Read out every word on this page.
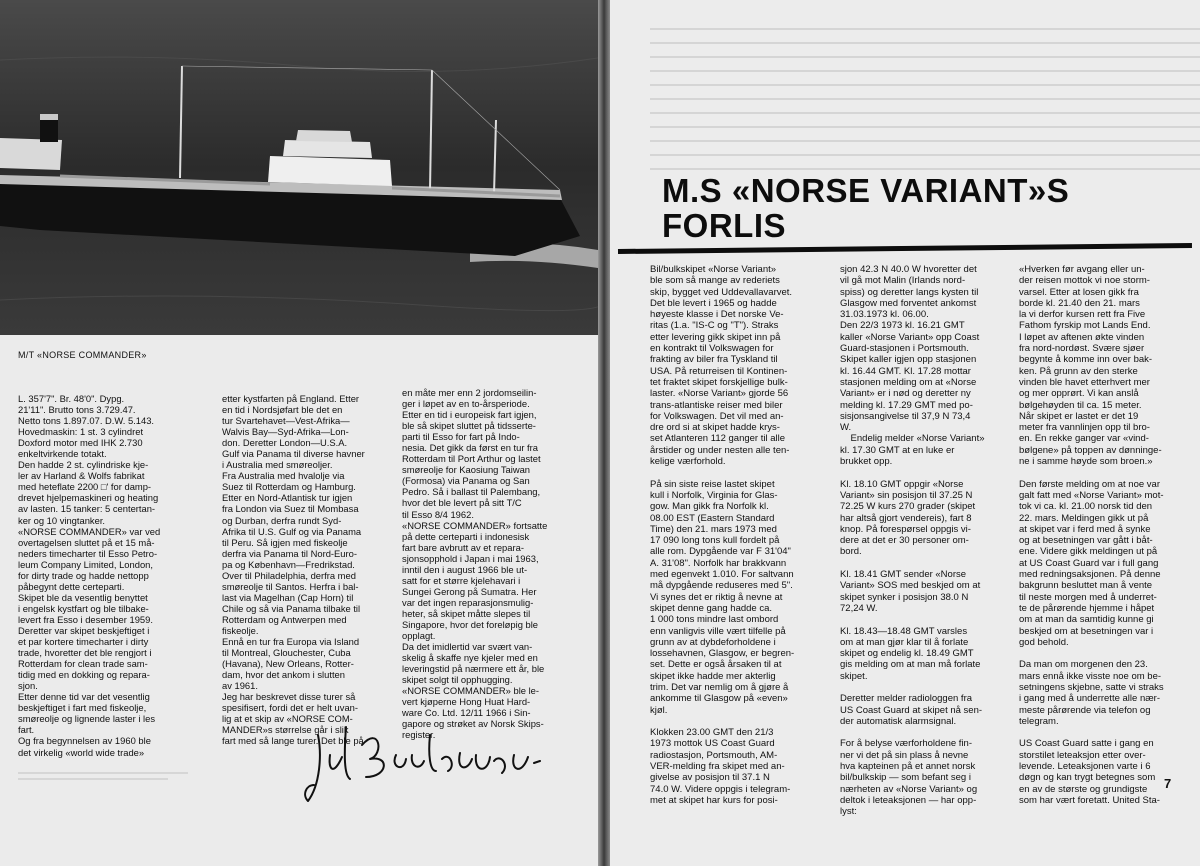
M/T «NORSE COMMANDER»
L. 357'7". Br. 48'0". Dypg.
21'11". Brutto tons 3.729.47.
Netto tons 1.897.07. D.W. 5.143.
Hovedmaskin: 1 st. 3 cylindret
Doxford motor med IHK 2.730
enkeltvirkende totakt.
Den hadde 2 st. cylindriske kje-
ler av Harland & Wolfs fabrikat
med heteflate 2200 □' for damp-
drevet hjelpemaskineri og heating
av lasten. 15 tanker: 5 centertan-
ker og 10 vingtanker.
«NORSE COMMANDER» var ved
overtagelsen sluttet på et 15 må-
neders timecharter til Esso Petro-
leum Company Limited, London,
for dirty trade og hadde nettopp
påbegynt dette certeparti.
Skipet ble da vesentlig benyttet
i engelsk kystfart og ble tilbake-
levert fra Esso i desember 1959.
Deretter var skipet beskjeftiget i
et par kortere timecharter i dirty
trade, hvoretter det ble rengjort i
Rotterdam for clean trade sam-
tidig med en dokking og repara-
sjon.
Etter denne tid var det vesentlig
beskjeftiget i fart med fiskeolje,
smøreolje og lignende laster i les
fart.
Og fra begynnelsen av 1960 ble
det virkelig «world wide trade»
etter kystfarten på England. Etter
en tid i Nordsjøfart ble det en
tur Svartehavet—Vest-Afrika—
Walvis Bay—Syd-Afrika—Lon-
don. Deretter London—U.S.A.
Gulf via Panama til diverse havner
i Australia med smøreoljer.
Fra Australia med hvalolje via
Suez til Rotterdam og Hamburg.
Etter en Nord-Atlantisk tur igjen
fra London via Suez til Mombasa
og Durban, derfra rundt Syd-
Afrika til U.S. Gulf og via Panama
til Peru. Så igjen med fiskeolje
derfra via Panama til Nord-Euro-
pa og København—Fredrikstad.
Over til Philadelphia, derfra med
smøreolje til Santos. Herfra i bal-
last via Magelhan (Cap Horn) til
Chile og så via Panama tilbake til
Rotterdam og Antwerpen med
fiskeolje.
Ennå en tur fra Europa via Island
til Montreal, Glouchester, Cuba
(Havana), New Orleans, Rotter-
dam, hvor det ankom i slutten
av 1961.
Jeg har beskrevet disse turer så
spesifisert, fordi det er helt uvan-
lig at et skip av «NORSE COM-
MANDER»s størrelse går i slik
fart med så lange turer. Det ble på
en måte mer enn 2 jordomseilin-
ger i løpet av en to-årsperiode.
Etter en tid i europeisk fart igjen,
ble så skipet sluttet på tidsserte-
parti til Esso for fart på Indo-
nesia. Det gikk da først en tur fra
Rotterdam til Port Arthur og lastet
smøreolje for Kaosiung Taiwan
(Formosa) via Panama og San
Pedro. Så i ballast til Palembang,
hvor det ble levert på sitt T/C
til Esso 8/4 1962.
«NORSE COMMANDER» fortsatte
på dette certeparti i indonesisk
fart bare avbrutt av et repara-
sjonsopphold i Japan i mai 1963,
inntil den i august 1966 ble ut-
satt for et større kjelehavari i
Sungei Gerong på Sumatra. Her
var det ingen reparasjonsmulig-
heter, så skipet måtte slepes til
Singapore, hvor det foreløpig ble
opplagt.
Da det imidlertid var svært van-
skelig å skaffe nye kjeler med en
leveringstid på nærmere ett år, ble
skipet solgt til opphugging.
«NORSE COMMANDER» ble le-
vert kjøperne Hong Huat Hard-
ware Co. Ltd. 12/11 1966 i Sin-
gapore og strøket av Norsk Skips-
register.
M.S «NORSE VARIANT»S
FORLIS
Bil/bulkskipet «Norse Variant»
ble som så mange av rederiets
skip, bygget ved Uddevallavarvet.
Det ble levert i 1965 og hadde
høyeste klasse i Det norske Ve-
ritas (1.a. "IS-C og "T"). Straks
etter levering gikk skipet inn på
en kontrakt til Volkswagen for
frakting av biler fra Tyskland til
USA. På returreisen til Kontinen-
tet fraktet skipet forskjellige bulk-
laster. «Norse Variant» gjorde 56
trans-atlantiske reiser med biler
for Volkswagen. Det vil med an-
dre ord si at skipet hadde krys-
set Atlanteren 112 ganger til alle
årstider og under nesten alle ten-
kelige værforhold.

På sin siste reise lastet skipet
kull i Norfolk, Virginia for Glas-
gow. Man gikk fra Norfolk kl.
08.00 EST (Eastern Standard
Time) den 21. mars 1973 med
17 090 long tons kull fordelt på
alle rom. Dypgående var F 31'04"
A. 31'08". Norfolk har brakkvann
med egenvekt 1.010. For saltvann
må dypgående reduseres med 5".
Vi synes det er riktig å nevne at
skipet denne gang hadde ca.
1 000 tons mindre last ombord
enn vanligvis ville vært tilfelle på
grunn av at dybdeforholdene i
lossehavnen, Glasgow, er begren-
set. Dette er også årsaken til at
skipet ikke hadde mer akterlig
trim. Det var nemlig om å gjøre å
ankomme til Glasgow på «even»
kjøl.

Klokken 23.00 GMT den 21/3
1973 mottok US Coast Guard
radiostasjon, Portsmouth, AM-
VER-melding fra skipet med an-
givelse av posisjon til 37.1 N
74.0 W. Videre oppgis i telegram-
met at skipet har kurs for posi-
sjon 42.3 N 40.0 W hvoretter det
vil gå mot Malin (Irlands nord-
spiss) og deretter langs kysten til
Glasgow med forventet ankomst
31.03.1973 kl. 06.00.
Den 22/3 1973 kl. 16.21 GMT
kaller «Norse Variant» opp Coast
Guard-stasjonen i Portsmouth.
Skipet kaller igjen opp stasjonen
kl. 16.44 GMT. Kl. 17.28 mottar
stasjonen melding om at «Norse
Variant» er i nød og deretter ny
melding kl. 17.29 GMT med po-
sisjonsangivelse til 37,9 N 73,4
W.
Endelig melder «Norse Variant»
kl. 17.30 GMT at en luke er
brukket opp.

Kl. 18.10 GMT oppgir «Norse
Variant» sin posisjon til 37.25 N
72.25 W kurs 270 grader (skipet
har altså gjort vendereis), fart 8
knop. På forespørsel oppgis vi-
dere at det er 30 personer om-
bord.

Kl. 18.41 GMT sender «Norse
Variant» SOS med beskjed om at
skipet synker i posisjon 38.0 N
72,24 W.

Kl. 18.43—18.48 GMT varsles
om at man gjør klar til å forlate
skipet og endelig kl. 18.49 GMT
gis melding om at man må forlate
skipet.

Deretter melder radiologgen fra
US Coast Guard at skipet nå sen-
der automatisk alarmsignal.

For å belyse værforholdene fin-
ner vi det på sin plass å nevne
hva kapteinen på et annet norsk
bil/bulkskip — som befant seg i
nærheten av «Norse Variant» og
deltok i leteaksjonen — har opp-
lyst:
«Hverken før avgang eller un-
der reisen mottok vi noe storm-
varsel. Etter at losen gikk fra
borde kl. 21.40 den 21. mars
la vi derfor kursen rett fra Five
Fathom fyrskip mot Lands End.
I løpet av aftenen økte vinden
fra nord-nordøst. Svære sjøer
begynte å komme inn over bak-
ken. På grunn av den sterke
vinden ble havet etterhvert mer
og mer opprørt. Vi kan anslå
bølgehøyden til ca. 15 meter.
Når skipet er lastet er det 19
meter fra vannlinjen opp til bro-
en. En rekke ganger var «vind-
bølgene» på toppen av dønninge-
ne i samme høyde som broen.»

Den første melding om at noe var
galt fatt med «Norse Variant» mot-
tok vi ca. kl. 21.00 norsk tid den
22. mars. Meldingen gikk ut på
at skipet var i ferd med å synke
og at besetningen var gått i båt-
ene. Videre gikk meldingen ut på
at US Coast Guard var i full gang
med redningsaksjonen. På denne
bakgrunn besluttet man å vente
til neste morgen med å underret-
te de pårørende hjemme i håpet
om at man da samtidig kunne gi
beskjed om at besetningen var i
god behold.

Da man om morgenen den 23.
mars ennå ikke visste noe om be-
setningens skjebne, satte vi straks
i gang med å underrette alle nær-
meste pårørende via telefon og
telegram.

US Coast Guard satte i gang en
storstilet leteaksjon etter over-
levende. Leteaksjonen varte i 6
døgn og kan trygt betegnes som
en av de største og grundigste
som har vært foretatt. United Sta-
7
